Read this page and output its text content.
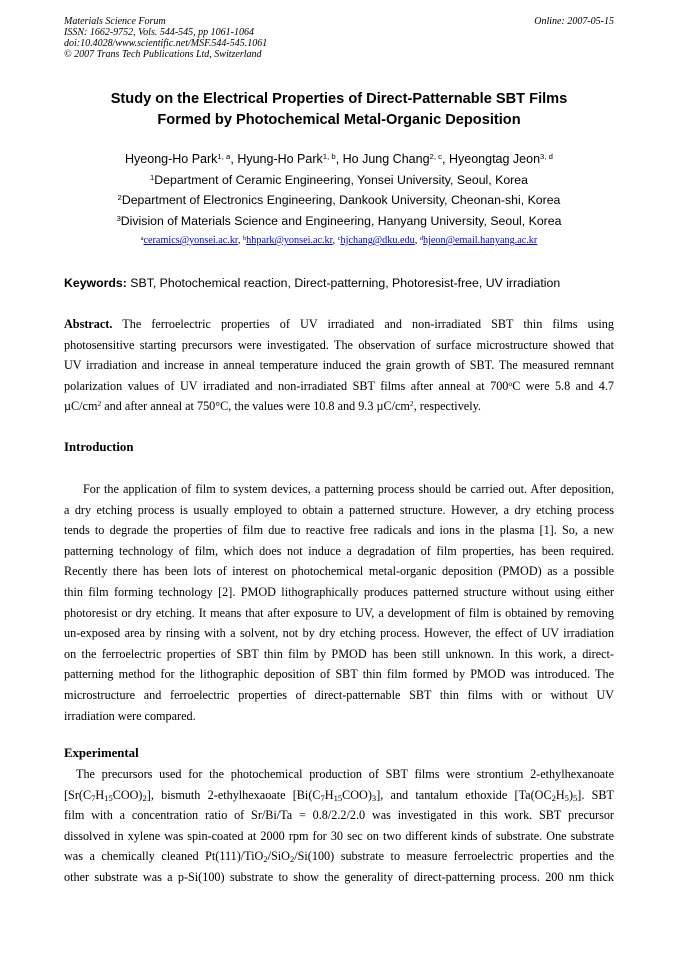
Materials Science Forum
ISSN: 1662-9752, Vols. 544-545, pp 1061-1064
doi:10.4028/www.scientific.net/MSF.544-545.1061
© 2007 Trans Tech Publications Ltd, Switzerland
Online: 2007-05-15
Study on the Electrical Properties of Direct-Patternable SBT Films
Formed by Photochemical Metal-Organic Deposition
Hyeong-Ho Park$^{1, a}$, Hyung-Ho Park$^{1, b}$, Ho Jung Chang$^{2, c}$, Hyeongtag Jeon$^{3, d}$
$^1$Department of Ceramic Engineering, Yonsei University, Seoul, Korea
$^2$Department of Electronics Engineering, Dankook University, Cheonan-shi, Korea
$^3$Division of Materials Science and Engineering, Hanyang University, Seoul, Korea
$^a$ceramics@yonsei.ac.kr, $^b$hhpark@yonsei.ac.kr, $^c$hjchang@dku.edu, $^d$hjeon@email.hanyang.ac.kr
Keywords: SBT, Photochemical reaction, Direct-patterning, Photoresist-free, UV irradiation
Abstract. The ferroelectric properties of UV irradiated and non-irradiated SBT thin films using
photosensitive starting precursors were investigated. The observation of surface microstructure showed that
UV irradiation and increase in anneal temperature induced the grain growth of SBT. The measured remnant
polarization values of UV irradiated and non-irradiated SBT films after anneal at 700$^o$C were 5.8 and 4.7
$\mu C/cm^2$ and after anneal at 750°C, the values were 10.8 and 9.3 $\mu C/cm^2$, respectively.
Introduction
For the application of film to system devices, a patterning process should be carried out. After deposition,
a dry etching process is usually employed to obtain a patterned structure. However, a dry etching process
tends to degrade the properties of film due to reactive free radicals and ions in the plasma [1]. So, a new
patterning technology of film, which does not induce a degradation of film properties, has been required.
Recently there has been lots of interest on photochemical metal-organic deposition (PMOD) as a possible
thin film forming technology [2]. PMOD lithographically produces patterned structure without using either
photoresist or dry etching. It means that after exposure to UV, a development of film is obtained by removing
un-exposed area by rinsing with a solvent, not by dry etching process. However, the effect of UV irradiation
on the ferroelectric properties of SBT thin film by PMOD has been still unknown. In this work, a direct-
patterning method for the lithographic deposition of SBT thin film formed by PMOD was introduced. The
microstructure and ferroelectric properties of direct-patternable SBT thin films with or without UV
irradiation were compared.
Experimental
The precursors used for the photochemical production of SBT films were strontium 2-ethylhexanoate
$[Sr(C_7H_{15}COO)_2]$, bismuth 2-ethylhexaoate $[Bi(C_7H_{15}COO)_3]$, and tantalum ethoxide $[Ta(OC_2H_5)_5]$. SBT
film with a concentration ratio of Sr/Bi/Ta = 0.8/2.2/2.0 was investigated in this work. SBT precursor
dissolved in xylene was spin-coated at 2000 rpm for 30 sec on two different kinds of substrate. One substrate
was a chemically cleaned Pt(111)/TiO$_2$/SiO$_2$/Si(100) substrate to measure ferroelectric properties and the
other substrate was a p-Si(100) substrate to show the generality of direct-patterning process. 200 nm thick
